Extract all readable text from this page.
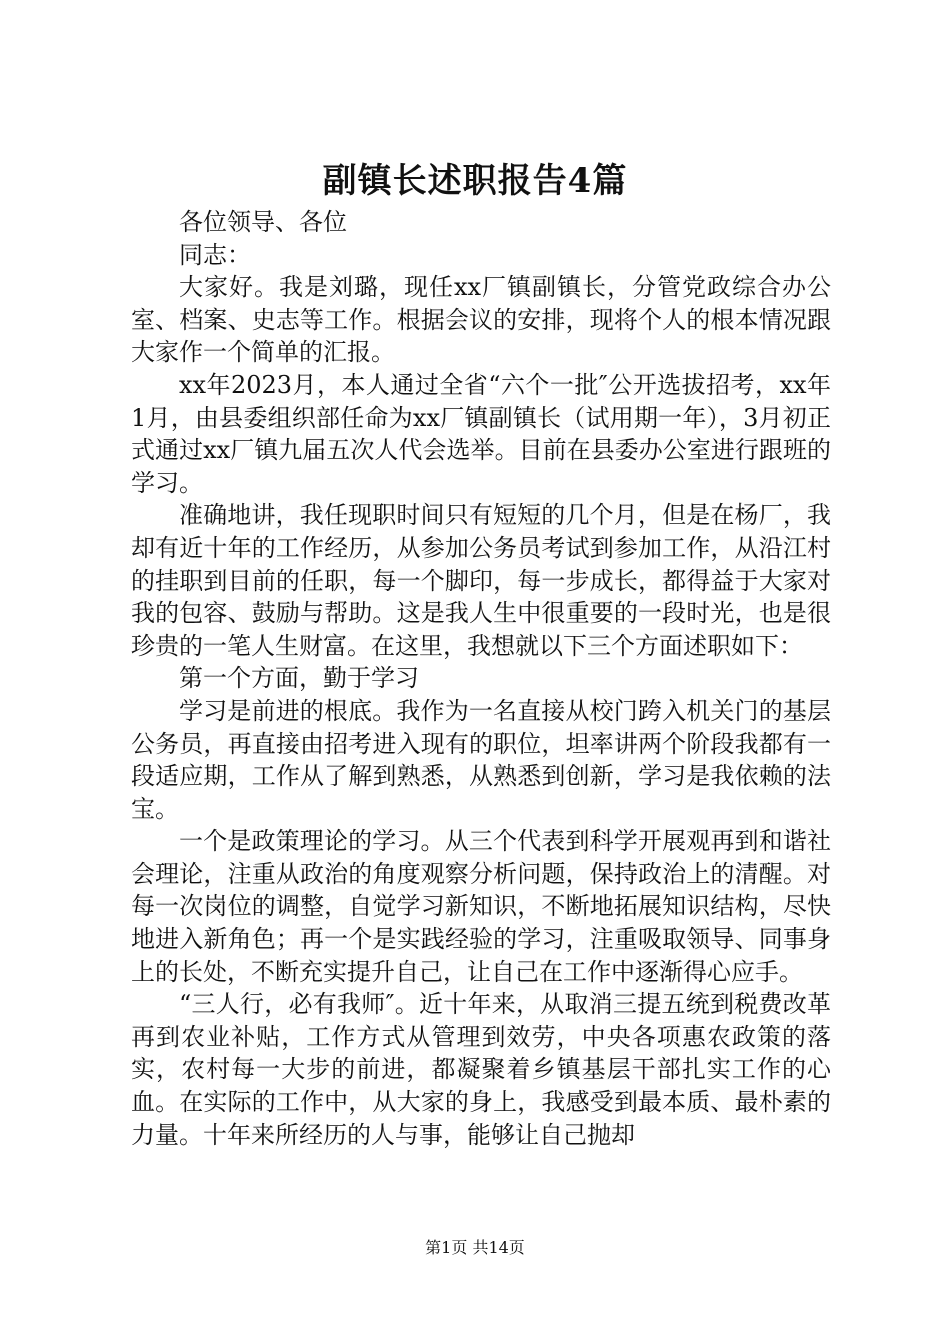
副镇长述职报告4篇

各位领导、各位

同志：

大家好。我是刘璐，现任xx厂镇副镇长，分管党政综合办公室、档案、史志等工作。根据会议的安排，现将个人的根本情况跟大家作一个简单的汇报。

xx年2023月，本人通过全省“六个一批″公开选拔招考，xx年1月，由县委组织部任命为xx厂镇副镇长（试用期一年），3月初正式通过xx厂镇九届五次人代会选举。目前在县委办公室进行跟班的学习。

准确地讲，我任现职时间只有短短的几个月，但是在杨厂，我却有近十年的工作经历，从参加公务员考试到参加工作，从沿江村的挂职到目前的任职，每一个脚印，每一步成长，都得益于大家对我的包容、鼓励与帮助。这是我人生中很重要的一段时光，也是很珍贵的一笔人生财富。在这里，我想就以下三个方面述职如下：

第一个方面，勤于学习

学习是前进的根底。我作为一名直接从校门跨入机关门的基层公务员，再直接由招考进入现有的职位，坦率讲两个阶段我都有一段适应期，工作从了解到熟悉，从熟悉到创新，学习是我依赖的法宝。

一个是政策理论的学习。从三个代表到科学开展观再到和谐社会理论，注重从政治的角度观察分析问题，保持政治上的清醒。对每一次岗位的调整，自觉学习新知识，不断地拓展知识结构，尽快地进入新角色；再一个是实践经验的学习，注重吸取领导、同事身上的长处，不断充实提升自己，让自己在工作中逐渐得心应手。

“三人行，必有我师″。近十年来，从取消三提五统到税费改革再到农业补贴，工作方式从管理到效劳，中央各项惠农政策的落实，农村每一大步的前进，都凝聚着乡镇基层干部扎实工作的心血。在实际的工作中，从大家的身上，我感受到最本质、最朴素的力量。十年来所经历的人与事，能够让自己抛却

第1页 共14页
